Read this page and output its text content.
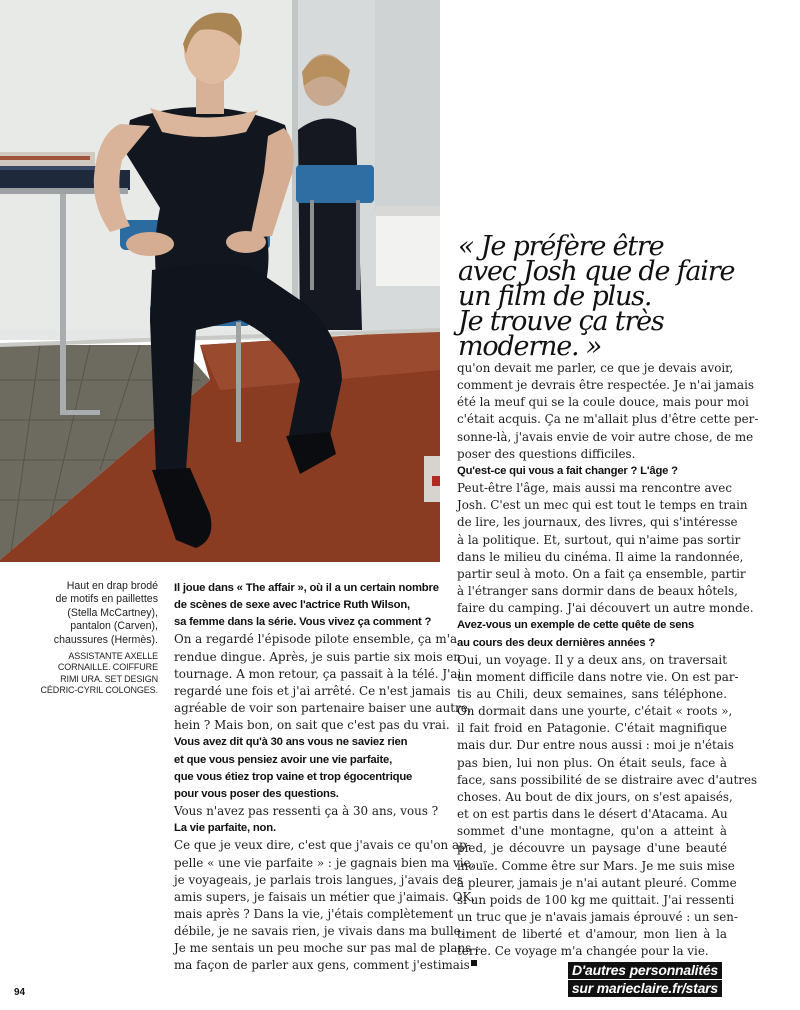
« Je préfère être
avec Josh que de faire
un film de plus.
Je trouve ça très
moderne. »

Haut en drap brodé
de motifs en paillettes
(Stella McCartney),
pantalon (Carven),
chaussures (Hermès).

ASSISTANTE AXELLE
CORNAILLE. COIFFURE
RIMI URA. SET DESIGN
CÉDRIC-CYRIL COLONGES.

Il joue dans « The affair », où il a un certain nombre
de scènes de sexe avec l'actrice Ruth Wilson,
sa femme dans la série. Vous vivez ça comment ?

On a regardé l'épisode pilote ensemble, ça m'a
rendue dingue. Après, je suis partie six mois en
tournage. A mon retour, ça passait à la télé. J'ai
regardé une fois et j'ai arrêté. Ce n'est jamais
agréable de voir son partenaire baiser une autre,
hein ? Mais bon, on sait que c'est pas du vrai.

Vous avez dit qu'à 30 ans vous ne saviez rien
et que vous pensiez avoir une vie parfaite,
que vous étiez trop vaine et trop égocentrique
pour vous poser des questions.

Vous n'avez pas ressenti ça à 30 ans, vous ?

La vie parfaite, non.

Ce que je veux dire, c'est que j'avais ce qu'on ap-
pelle « une vie parfaite » : je gagnais bien ma vie,
je voyageais, je parlais trois langues, j'avais des
amis supers, je faisais un métier que j'aimais. OK,
mais après ? Dans la vie, j'étais complètement
débile, je ne savais rien, je vivais dans ma bulle.
Je me sentais un peu moche sur pas mal de plans :
ma façon de parler aux gens, comment j'estimais

qu'on devait me parler, ce que je devais avoir,
comment je devrais être respectée. Je n'ai jamais
été la meuf qui se la coule douce, mais pour moi
c'était acquis. Ça ne m'allait plus d'être cette per-
sonne-là, j'avais envie de voir autre chose, de me
poser des questions difficiles.

Qu'est-ce qui vous a fait changer ? L'âge ?

Peut-être l'âge, mais aussi ma rencontre avec
Josh. C'est un mec qui est tout le temps en train
de lire, les journaux, des livres, qui s'intéresse
à la politique. Et, surtout, qui n'aime pas sortir
dans le milieu du cinéma. Il aime la randonnée,
partir seul à moto. On a fait ça ensemble, partir
à l'étranger sans dormir dans de beaux hôtels,
faire du camping. J'ai découvert un autre monde.

Avez-vous un exemple de cette quête de sens
au cours des deux dernières années ?

Oui, un voyage. Il y a deux ans, on traversait
un moment difficile dans notre vie. On est par-
tis au Chili, deux semaines, sans téléphone.
On dormait dans une yourte, c'était « roots »,
il fait froid en Patagonie. C'était magnifique
mais dur. Dur entre nous aussi : moi je n'étais
pas bien, lui non plus. On était seuls, face à
face, sans possibilité de se distraire avec d'autres
choses. Au bout de dix jours, on s'est apaisés,
et on est partis dans le désert d'Atacama. Au
sommet d'une montagne, qu'on a atteint à
pied, je découvre un paysage d'une beauté
inouïe. Comme être sur Mars. Je me suis mise
à pleurer, jamais je n'ai autant pleuré. Comme
si un poids de 100 kg me quittait. J'ai ressenti
un truc que je n'avais jamais éprouvé : un sen-
timent de liberté et d'amour, mon lien à la
terre. Ce voyage m'a changée pour la vie.

94
D'autres personnalités
sur marieclaire.fr/stars
